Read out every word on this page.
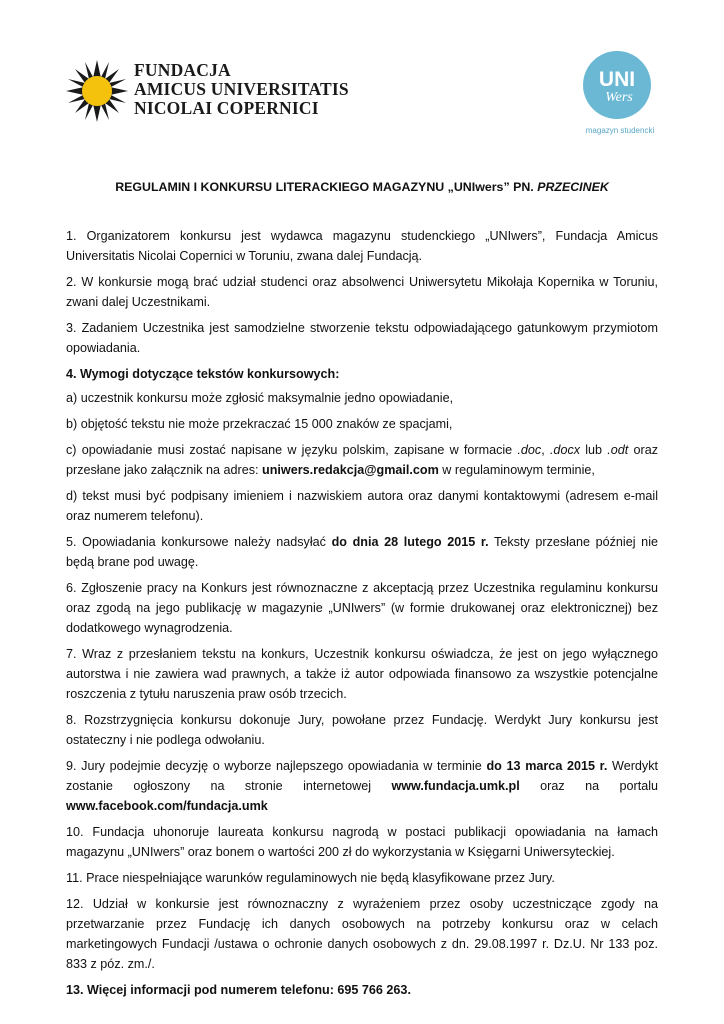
FUNDACJA
AMICUS UNIVERSITATIS
NICOLAI COPERNICI
UNI
Wers
magazyn studencki
REGULAMIN I KONKURSU LITERACKIEGO MAGAZYNU „UNIwers” PN. PRZECINEK

1. Organizatorem konkursu jest wydawca magazynu studenckiego „UNIwers”, Fundacja Amicus Universitatis Nicolai Copernici w Toruniu, zwana dalej Fundacją.

2. W konkursie mogą brać udział studenci oraz absolwenci Uniwersytetu Mikołaja Kopernika w Toruniu, zwani dalej Uczestnikami.

3. Zadaniem Uczestnika jest samodzielne stworzenie tekstu odpowiadającego gatunkowym przymiotom opowiadania.

4. Wymogi dotyczące tekstów konkursowych:

a) uczestnik konkursu może zgłosić maksymalnie jedno opowiadanie,

b) objętość tekstu nie może przekraczać 15 000 znaków ze spacjami,

c) opowiadanie musi zostać napisane w języku polskim, zapisane w formacie .doc, .docx lub .odt oraz przesłane jako załącznik na adres: uniwers.redakcja@gmail.com w regulaminowym terminie,

d) tekst musi być podpisany imieniem i nazwiskiem autora oraz danymi kontaktowymi (adresem e-mail oraz numerem telefonu).

5. Opowiadania konkursowe należy nadsyłać do dnia 28 lutego 2015 r. Teksty przesłane później nie będą brane pod uwagę.

6. Zgłoszenie pracy na Konkurs jest równoznaczne z akceptacją przez Uczestnika regulaminu konkursu oraz zgodą na jego publikację w magazynie „UNIwers” (w formie drukowanej oraz elektronicznej) bez dodatkowego wynagrodzenia.

7. Wraz z przesłaniem tekstu na konkurs, Uczestnik konkursu oświadcza, że jest on jego wyłącznego autorstwa i nie zawiera wad prawnych, a także iż autor odpowiada finansowo za wszystkie potencjalne roszczenia z tytułu naruszenia praw osób trzecich.

8. Rozstrzygnięcia konkursu dokonuje Jury, powołane przez Fundację. Werdykt Jury konkursu jest ostateczny i nie podlega odwołaniu.

9. Jury podejmie decyzję o wyborze najlepszego opowiadania w terminie do 13 marca 2015 r. Werdykt zostanie ogłoszony na stronie internetowej www.fundacja.umk.pl oraz na portalu www.facebook.com/fundacja.umk

10. Fundacja uhonoruje laureata konkursu nagrodą w postaci publikacji opowiadania na łamach magazynu „UNIwers” oraz bonem o wartości 200 zł do wykorzystania w Księgarni Uniwersyteckiej.

11. Prace niespełniające warunków regulaminowych nie będą klasyfikowane przez Jury.

12. Udział w konkursie jest równoznaczny z wyrażeniem przez osoby uczestniczące zgody na przetwarzanie przez Fundację ich danych osobowych na potrzeby konkursu oraz w celach marketingowych Fundacji /ustawa o ochronie danych osobowych z dn. 29.08.1997 r. Dz.U. Nr 133 poz. 833 z póz. zm./.

13. Więcej informacji pod numerem telefonu: 695 766 263.
